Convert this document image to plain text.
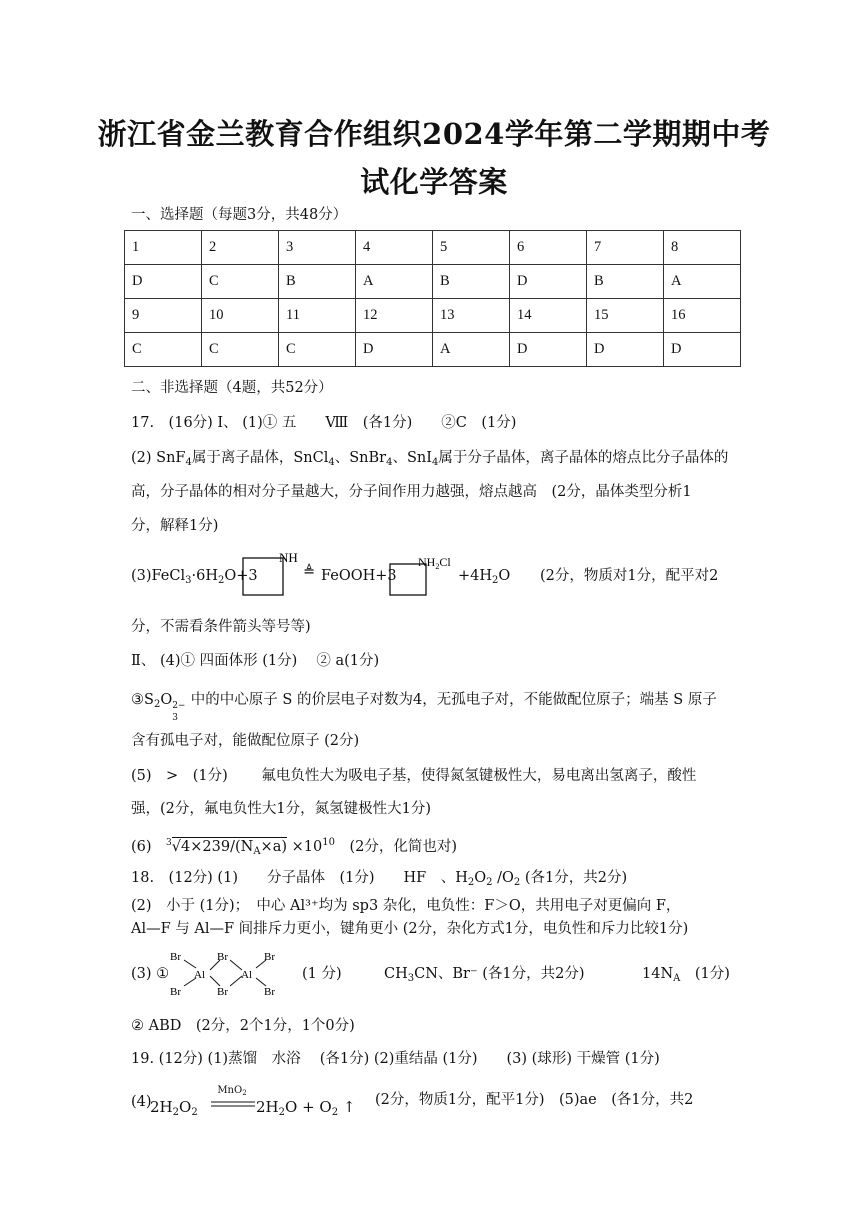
浙江省金兰教育合作组织2024学年第二学期期中考
试化学答案
一、选择题（每题3分，共48分）
1	2	3	4	5	6	7	8
D	C	B	A	B	D	B	A
9	10	11	12	13	14	15	16
C	C	C	D	A	D	D	D
二、非选择题（4题，共52分）
17.　(16分) Ⅰ、 (1)① 五　　Ⅷ　(各1分)　　②C　(1分)
(2) SnF$_4$属于离子晶体，SnCl$_4$、SnBr$_4$、SnI$_4$属于分子晶体，离子晶体的熔点比分子晶体的
高，分子晶体的相对分子量越大，分子间作用力越强，熔点越高　(2分，晶体类型分析1
分，解释1分)
$(3)FeCl_3\cdot 6H_2O+3$
NH
≜ FeOOH+3
$NH_2Cl$
$+4H_2O$ (2分，物质对1分，配平对2
分，不需看条件箭头等号等)
Ⅱ、 (4)① 四面体形 (1分)　 ② a(1分)
$③S_2O$ 2−
3
中的中心原子 S 的价层电子对数为4，无孤电子对，不能做配位原子；端基 S 原子
含有孤电子对，能做配位原子 (2分)
(5)　>　(1分)　　 氟电负性大为吸电子基，使得氮氢键极性大，易电离出氢离子，酸性
强，(2分，氟电负性大1分，氮氢键极性大1分)
(6)　$^3√4\times 239/(N_A\times a) \times 10^{10}$　(2分，化简也对)
18.　(12分) (1)　　分子晶体　(1分)　　HF　、$H_2O_2$ $/O_2$ (各1分，共2分)
(2)　小于 (1分)；　中心 Al³⁺均为 sp3 杂化，电负性：F＞O，共用电子对更偏向 F，
Al—F 与 Al—F 间排斥力更小，键角更小 (2分，杂化方式1分，电负性和斥力比较1分)
(3) ①
Br
Br
Al
Br
Br
Al
Br
Br
(1 分)	$CH_3CN$、Br⁻ (各1分，共2分)	$14N_A$　 (1分)
② ABD　(2分，2个1分，1个0分)
19. (12分) (1)蒸馏　水浴　 (各1分) (2)重结晶 (1分)　　(3) (球形) 干燥管 (1分)
(4)
$2H_2O_2$
MnO$_2$
$2H_2O + O_2$ ↑ (2分，物质1分，配平1分)　(5)ae　(各1分，共2
